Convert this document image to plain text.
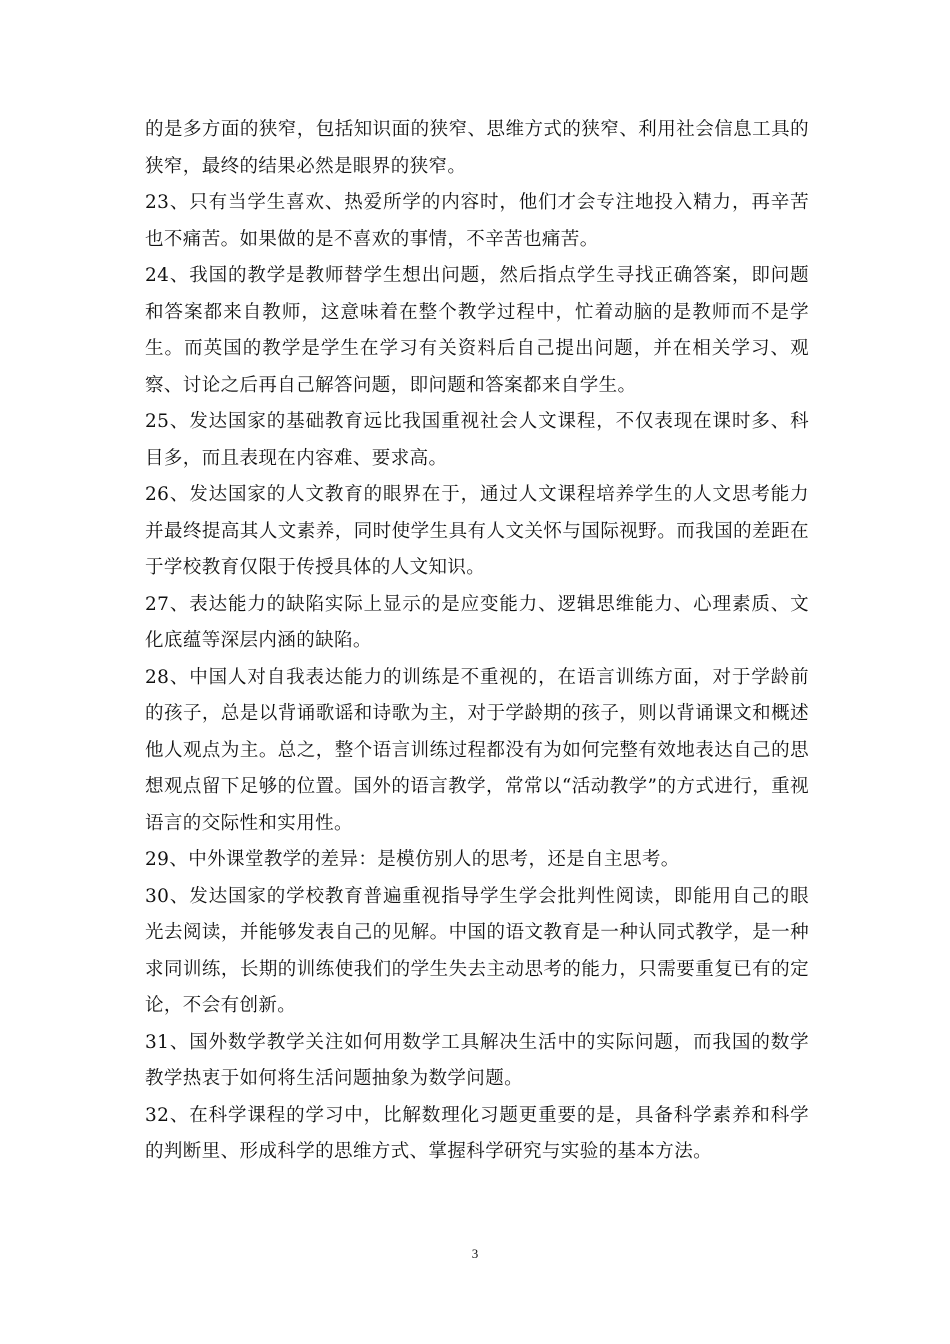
的是多方面的狭窄，包括知识面的狭窄、思维方式的狭窄、利用社会信息工具的狭窄，最终的结果必然是眼界的狭窄。

23、只有当学生喜欢、热爱所学的内容时，他们才会专注地投入精力，再辛苦也不痛苦。如果做的是不喜欢的事情，不辛苦也痛苦。

24、我国的教学是教师替学生想出问题，然后指点学生寻找正确答案，即问题和答案都来自教师，这意味着在整个教学过程中，忙着动脑的是教师而不是学生。而英国的教学是学生在学习有关资料后自己提出问题，并在相关学习、观察、讨论之后再自己解答问题，即问题和答案都来自学生。

25、发达国家的基础教育远比我国重视社会人文课程，不仅表现在课时多、科目多，而且表现在内容难、要求高。

26、发达国家的人文教育的眼界在于，通过人文课程培养学生的人文思考能力并最终提高其人文素养，同时使学生具有人文关怀与国际视野。而我国的差距在于学校教育仅限于传授具体的人文知识。

27、表达能力的缺陷实际上显示的是应变能力、逻辑思维能力、心理素质、文化底蕴等深层内涵的缺陷。

28、中国人对自我表达能力的训练是不重视的，在语言训练方面，对于学龄前的孩子，总是以背诵歌谣和诗歌为主，对于学龄期的孩子，则以背诵课文和概述他人观点为主。总之，整个语言训练过程都没有为如何完整有效地表达自己的思想观点留下足够的位置。国外的语言教学，常常以“活动教学”的方式进行，重视语言的交际性和实用性。

29、中外课堂教学的差异：是模仿别人的思考，还是自主思考。

30、发达国家的学校教育普遍重视指导学生学会批判性阅读，即能用自己的眼光去阅读，并能够发表自己的见解。中国的语文教育是一种认同式教学，是一种求同训练，长期的训练使我们的学生失去主动思考的能力，只需要重复已有的定论，不会有创新。

31、国外数学教学关注如何用数学工具解决生活中的实际问题，而我国的数学教学热衷于如何将生活问题抽象为数学问题。

32、在科学课程的学习中，比解数理化习题更重要的是，具备科学素养和科学的判断里、形成科学的思维方式、掌握科学研究与实验的基本方法。

3
